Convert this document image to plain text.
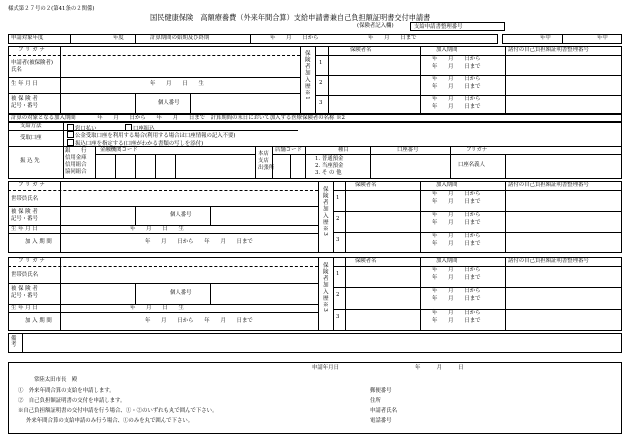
様式第２７号の２(第41条の２関係)
国民健康保険　高額療養費（外来年間合算）支給申請書兼自己負担額証明書交付申請書
(保険者記入欄)	支給申請書整理番号
申請対象年度	年度	計算期間の始期及び終期	年　　月　　日から	年　　月　　日まで	年中	年中
フ リ ガ ナ
申請者(被保険者)
氏名
生 年 月 日	年　　月　　日　　生
被 保 険 者
記号・番号
個人番号
保険者加入歴※1	保険者名	加入期間	諸付の自己負担額証明書整理番号
1
年　　月　　日から
年　　月　　日まで
2
年　　月　　日から
年　　月　　日まで
3
年　　月　　日から
年　　月　　日まで
計算の対象となる加入期間　　　　年　　月　　日から　　年　　月　　日まで　計算期間の末日において加入する医療保険者の名称 ※2
支給方法	窓口払い	口座振込
受取口座	公金受取口座を利用する場合(利用する場合は口座情報の記入不要)
振込口座を指定する(口座がわかる書類の写しを添付)
振 込 先
銀　　行
信用金庫
信用組合
協同組合
金融機関コード
本店
支店
出張所
店舗コード	種目
1. 普通預金
2. 当座預金
3. そ の 他
口座番号	フリガナ
口座名義人
フ リ ガ ナ
世帯員氏名
被 保 険 者
記号・番号
個人番号
生 年 月 日	年　　月　　日　　生
加 入 期 間	年　　月　　日から　　年　　月　　日まで
保険者加入歴※3
保険者名	加入期間	諸付の自己負担額証明書整理番号
1
年　　月　　日から
年　　月　　日まで
2
年　　月　　日から
年　　月　　日まで
3
年　　月　　日から
年　　月　　日まで
フ リ ガ ナ
世帯員氏名
被 保 険 者
記号・番号
個人番号
生 年 月 日	年　　月　　日　　生
加 入 期 間	年　　月　　日から　　年　　月　　日まで
保険者加入歴※3
保険者名	加入期間	諸付の自己負担額証明書整理番号
1
年　　月　　日から
年　　月　　日まで
2
年　　月　　日から
年　　月　　日まで
3
年　　月　　日から
年　　月　　日まで
備考
申請年月日	年　　　月　　　日
常陸太田市長　殿
①　外来年間合算の支給を申請します。
②　自己負担額証明書の交付を申請します。
※自己負担額証明書の交付申請を行う場合、①・②のいずれも丸で囲んで下さい。
外来年間合算の支給申請のみ行う場合、①のみを丸で囲んで下さい。
郵便番号
住所
申請者氏名
電話番号
